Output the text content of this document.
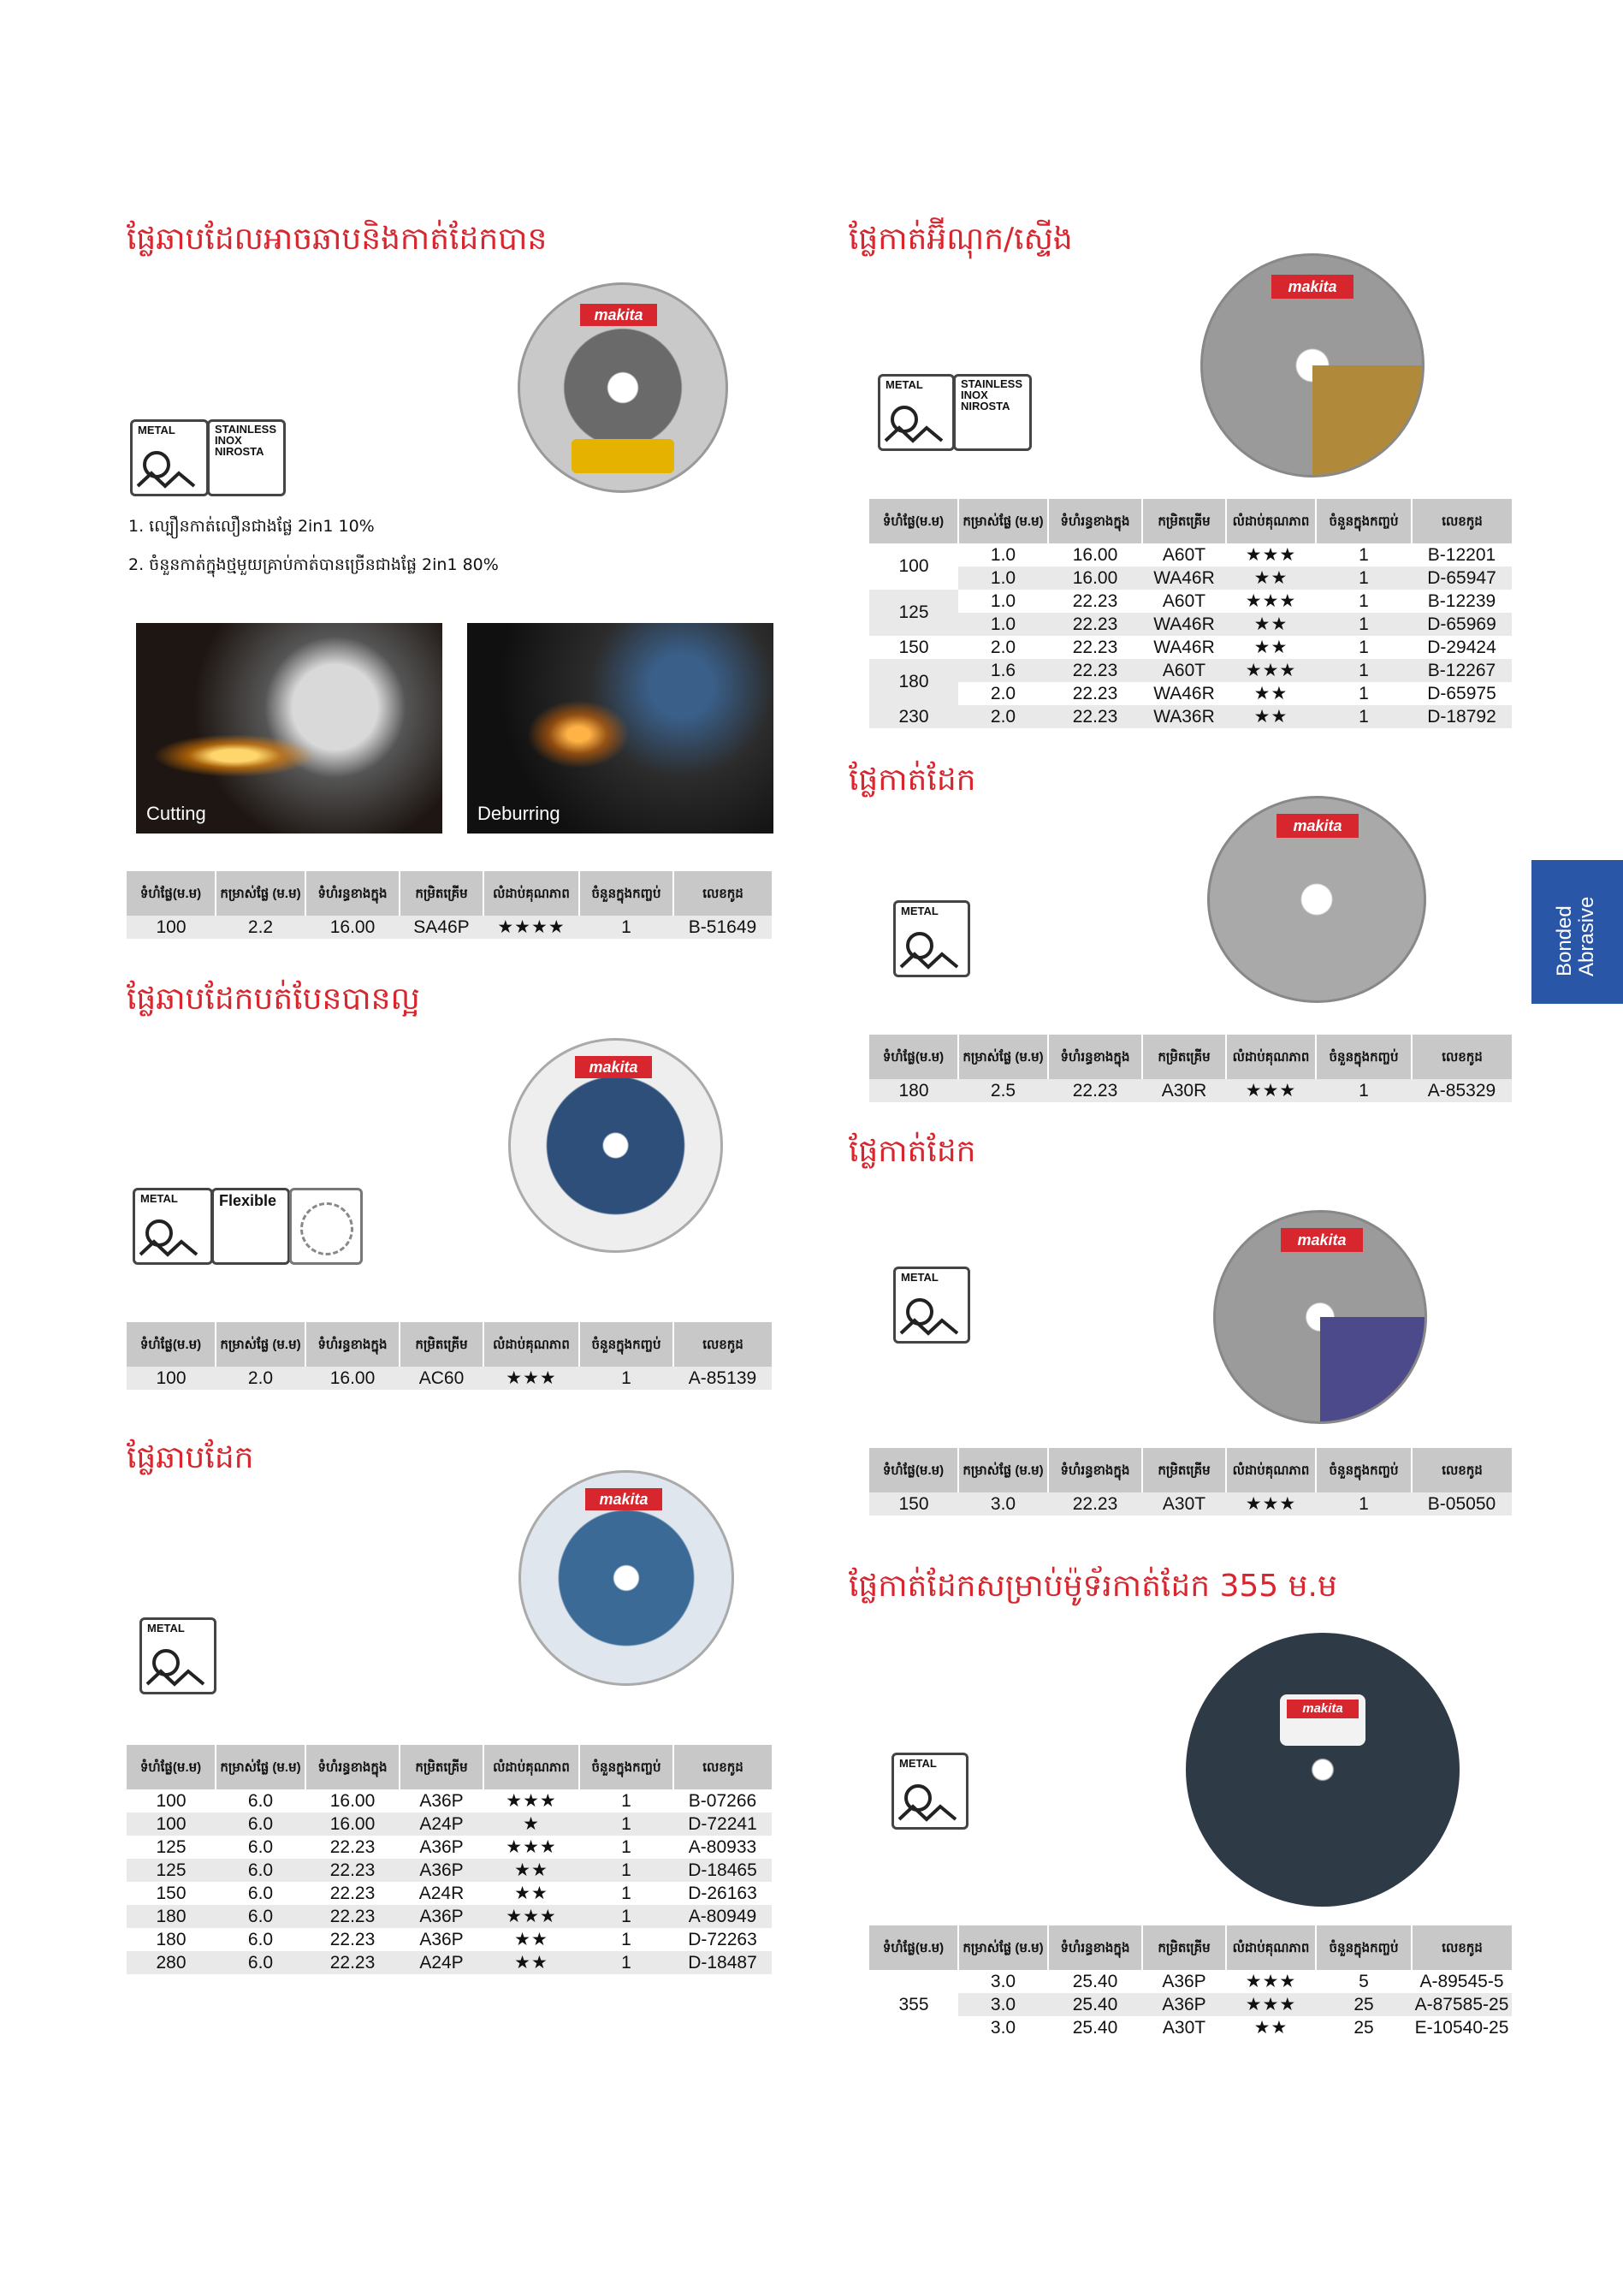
Bonded
Abrasive
ផ្លែឆាបដែលអាចឆាបនិងកាត់ដែកបាន
METAL	STAINLESS INOX NIROSTA
makita
1. ល្បឿនកាត់លឿនជាងផ្លែ 2in1 10%
2. ចំនួនកាត់ក្នុងថ្មមួយគ្រាប់កាត់បានច្រើនជាងផ្លែ 2in1 80%
Cutting	Deburring
ទំហំផ្លែ(ម.ម)	កម្រាស់ផ្លែ (ម.ម)	ទំហំរន្ធខាងក្នុង	កម្រិតគ្រើម	លំដាប់គុណភាព	ចំនួនក្នុងកញ្ចប់	លេខកូដ
100	2.2	16.00	SA46P	★★★★	1	B-51649
ផ្លែឆាបដែកបត់បែនបានល្អ
METAL	Flexible
makita
ទំហំផ្លែ(ម.ម)	កម្រាស់ផ្លែ (ម.ម)	ទំហំរន្ធខាងក្នុង	កម្រិតគ្រើម	លំដាប់គុណភាព	ចំនួនក្នុងកញ្ចប់	លេខកូដ
100	2.0	16.00	AC60	★★★	1	A-85139
ផ្លែឆាបដែក
METAL
makita
ទំហំផ្លែ(ម.ម)	កម្រាស់ផ្លែ (ម.ម)	ទំហំរន្ធខាងក្នុង	កម្រិតគ្រើម	លំដាប់គុណភាព	ចំនួនក្នុងកញ្ចប់	លេខកូដ
100	6.0	16.00	A36P	★★★	1	B-07266
100	6.0	16.00	A24P	★	1	D-72241
125	6.0	22.23	A36P	★★★	1	A-80933
125	6.0	22.23	A36P	★★	1	D-18465
150	6.0	22.23	A24R	★★	1	D-26163
180	6.0	22.23	A36P	★★★	1	A-80949
180	6.0	22.23	A36P	★★	1	D-72263
280	6.0	22.23	A24P	★★	1	D-18487
ផ្លែកាត់អ៊ីណុក/ស្ទើង
METAL	STAINLESS INOX NIROSTA
makita
ទំហំផ្លែ(ម.ម)	កម្រាស់ផ្លែ (ម.ម)	ទំហំរន្ធខាងក្នុង	កម្រិតគ្រើម	លំដាប់គុណភាព	ចំនួនក្នុងកញ្ចប់	លេខកូដ
100	1.0	16.00	A60T	★★★	1	B-12201
	1.0	16.00	WA46R	★★	1	D-65947
125	1.0	22.23	A60T	★★★	1	B-12239
	1.0	22.23	WA46R	★★	1	D-65969
150	2.0	22.23	WA46R	★★	1	D-29424
180	1.6	22.23	A60T	★★★	1	B-12267
	2.0	22.23	WA46R	★★	1	D-65975
230	2.0	22.23	WA36R	★★	1	D-18792
ផ្លែកាត់ដែក
METAL
makita
ទំហំផ្លែ(ម.ម)	កម្រាស់ផ្លែ (ម.ម)	ទំហំរន្ធខាងក្នុង	កម្រិតគ្រើម	លំដាប់គុណភាព	ចំនួនក្នុងកញ្ចប់	លេខកូដ
180	2.5	22.23	A30R	★★★	1	A-85329
ផ្លែកាត់ដែក
METAL
makita
ទំហំផ្លែ(ម.ម)	កម្រាស់ផ្លែ (ម.ម)	ទំហំរន្ធខាងក្នុង	កម្រិតគ្រើម	លំដាប់គុណភាព	ចំនួនក្នុងកញ្ចប់	លេខកូដ
150	3.0	22.23	A30T	★★★	1	B-05050
ផ្លែកាត់ដែកសម្រាប់ម៉ូទ័រកាត់ដែក 355 ម.ម
METAL
makita
ទំហំផ្លែ(ម.ម)	កម្រាស់ផ្លែ (ម.ម)	ទំហំរន្ធខាងក្នុង	កម្រិតគ្រើម	លំដាប់គុណភាព	ចំនួនក្នុងកញ្ចប់	លេខកូដ
355	3.0	25.40	A36P	★★★	5	A-89545-5
	3.0	25.40	A36P	★★★	25	A-87585-25
	3.0	25.40	A30T	★★	25	E-10540-25
